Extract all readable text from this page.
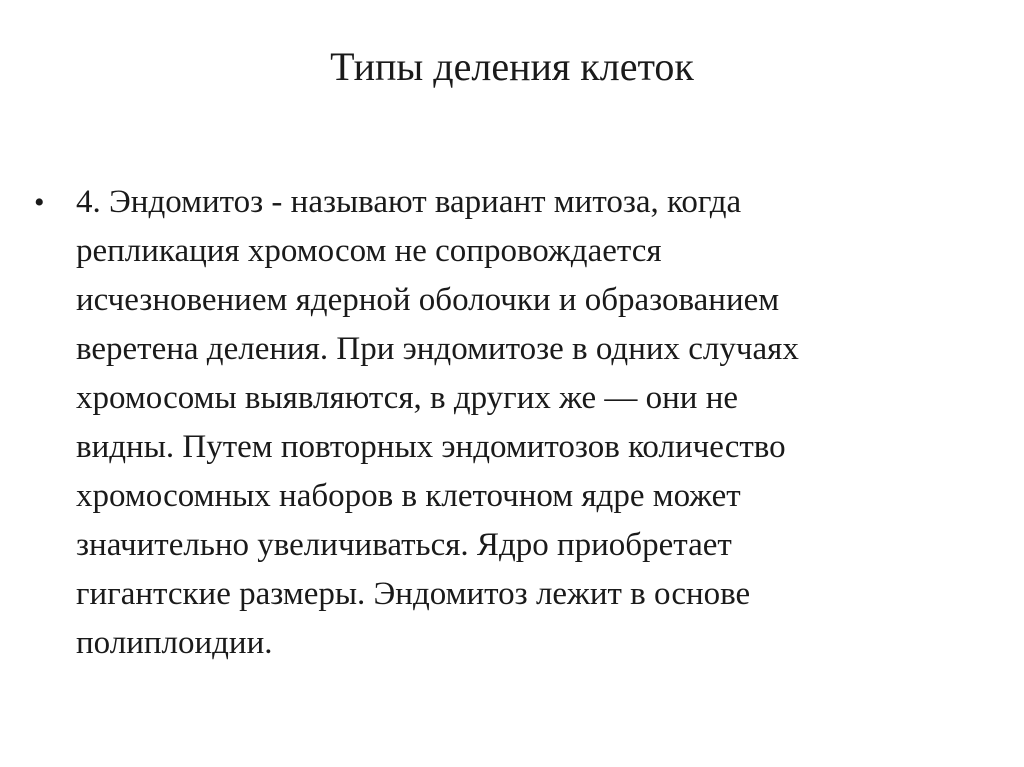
Типы деления клеток
• 4. Эндомитоз - называют вариант митоза, когда
репликация хромосом не сопровождается
исчезновением ядерной оболочки и образованием
веретена деления. При эндомитозе в одних случаях
хромосомы выявляются, в других же — они не
видны. Путем повторных эндомитозов количество
хромосомных наборов в клеточном ядре может
значительно увеличиваться. Ядро приобретает
гигантские размеры. Эндомитоз лежит в основе
полиплоидии.
